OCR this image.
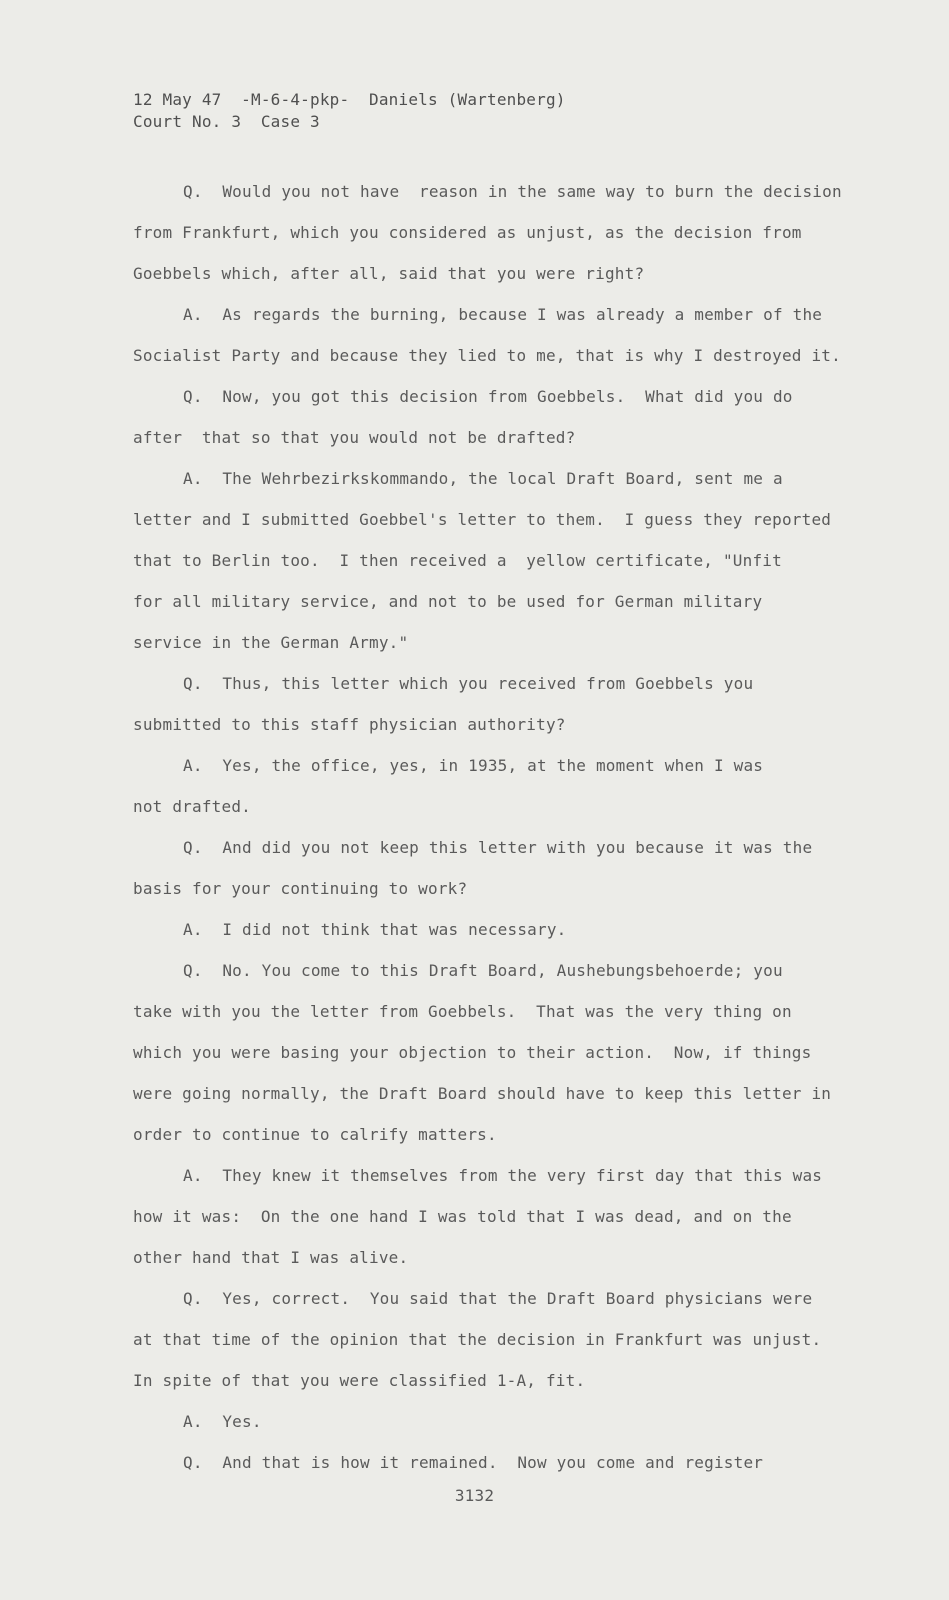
12 May 47  -M-6-4-pkp-  Daniels (Wartenberg)
Court No. 3  Case 3
Q.  Would you not have  reason in the same way to burn the decision
from Frankfurt, which you considered as unjust, as the decision from
Goebbels which, after all, said that you were right?
A.  As regards the burning, because I was already a member of the
Socialist Party and because they lied to me, that is why I destroyed it.
Q.  Now, you got this decision from Goebbels.  What did you do
after  that so that you would not be drafted?
A.  The Wehrbezirkskommando, the local Draft Board, sent me a
letter and I submitted Goebbel's letter to them.  I guess they reported
that to Berlin too.  I then received a  yellow certificate, "Unfit
for all military service, and not to be used for German military
service in the German Army."
Q.  Thus, this letter which you received from Goebbels you
submitted to this staff physician authority?
A.  Yes, the office, yes, in 1935, at the moment when I was
not drafted.
Q.  And did you not keep this letter with you because it was the
basis for your continuing to work?
A.  I did not think that was necessary.
Q.  No. You come to this Draft Board, Aushebungsbehoerde; you
take with you the letter from Goebbels.  That was the very thing on
which you were basing your objection to their action.  Now, if things
were going normally, the Draft Board should have to keep this letter in
order to continue to calrify matters.
A.  They knew it themselves from the very first day that this was
how it was:  On the one hand I was told that I was dead, and on the
other hand that I was alive.
Q.  Yes, correct.  You said that the Draft Board physicians were
at that time of the opinion that the decision in Frankfurt was unjust.
In spite of that you were classified 1-A, fit.
A.  Yes.
Q.  And that is how it remained.  Now you come and register
3132
